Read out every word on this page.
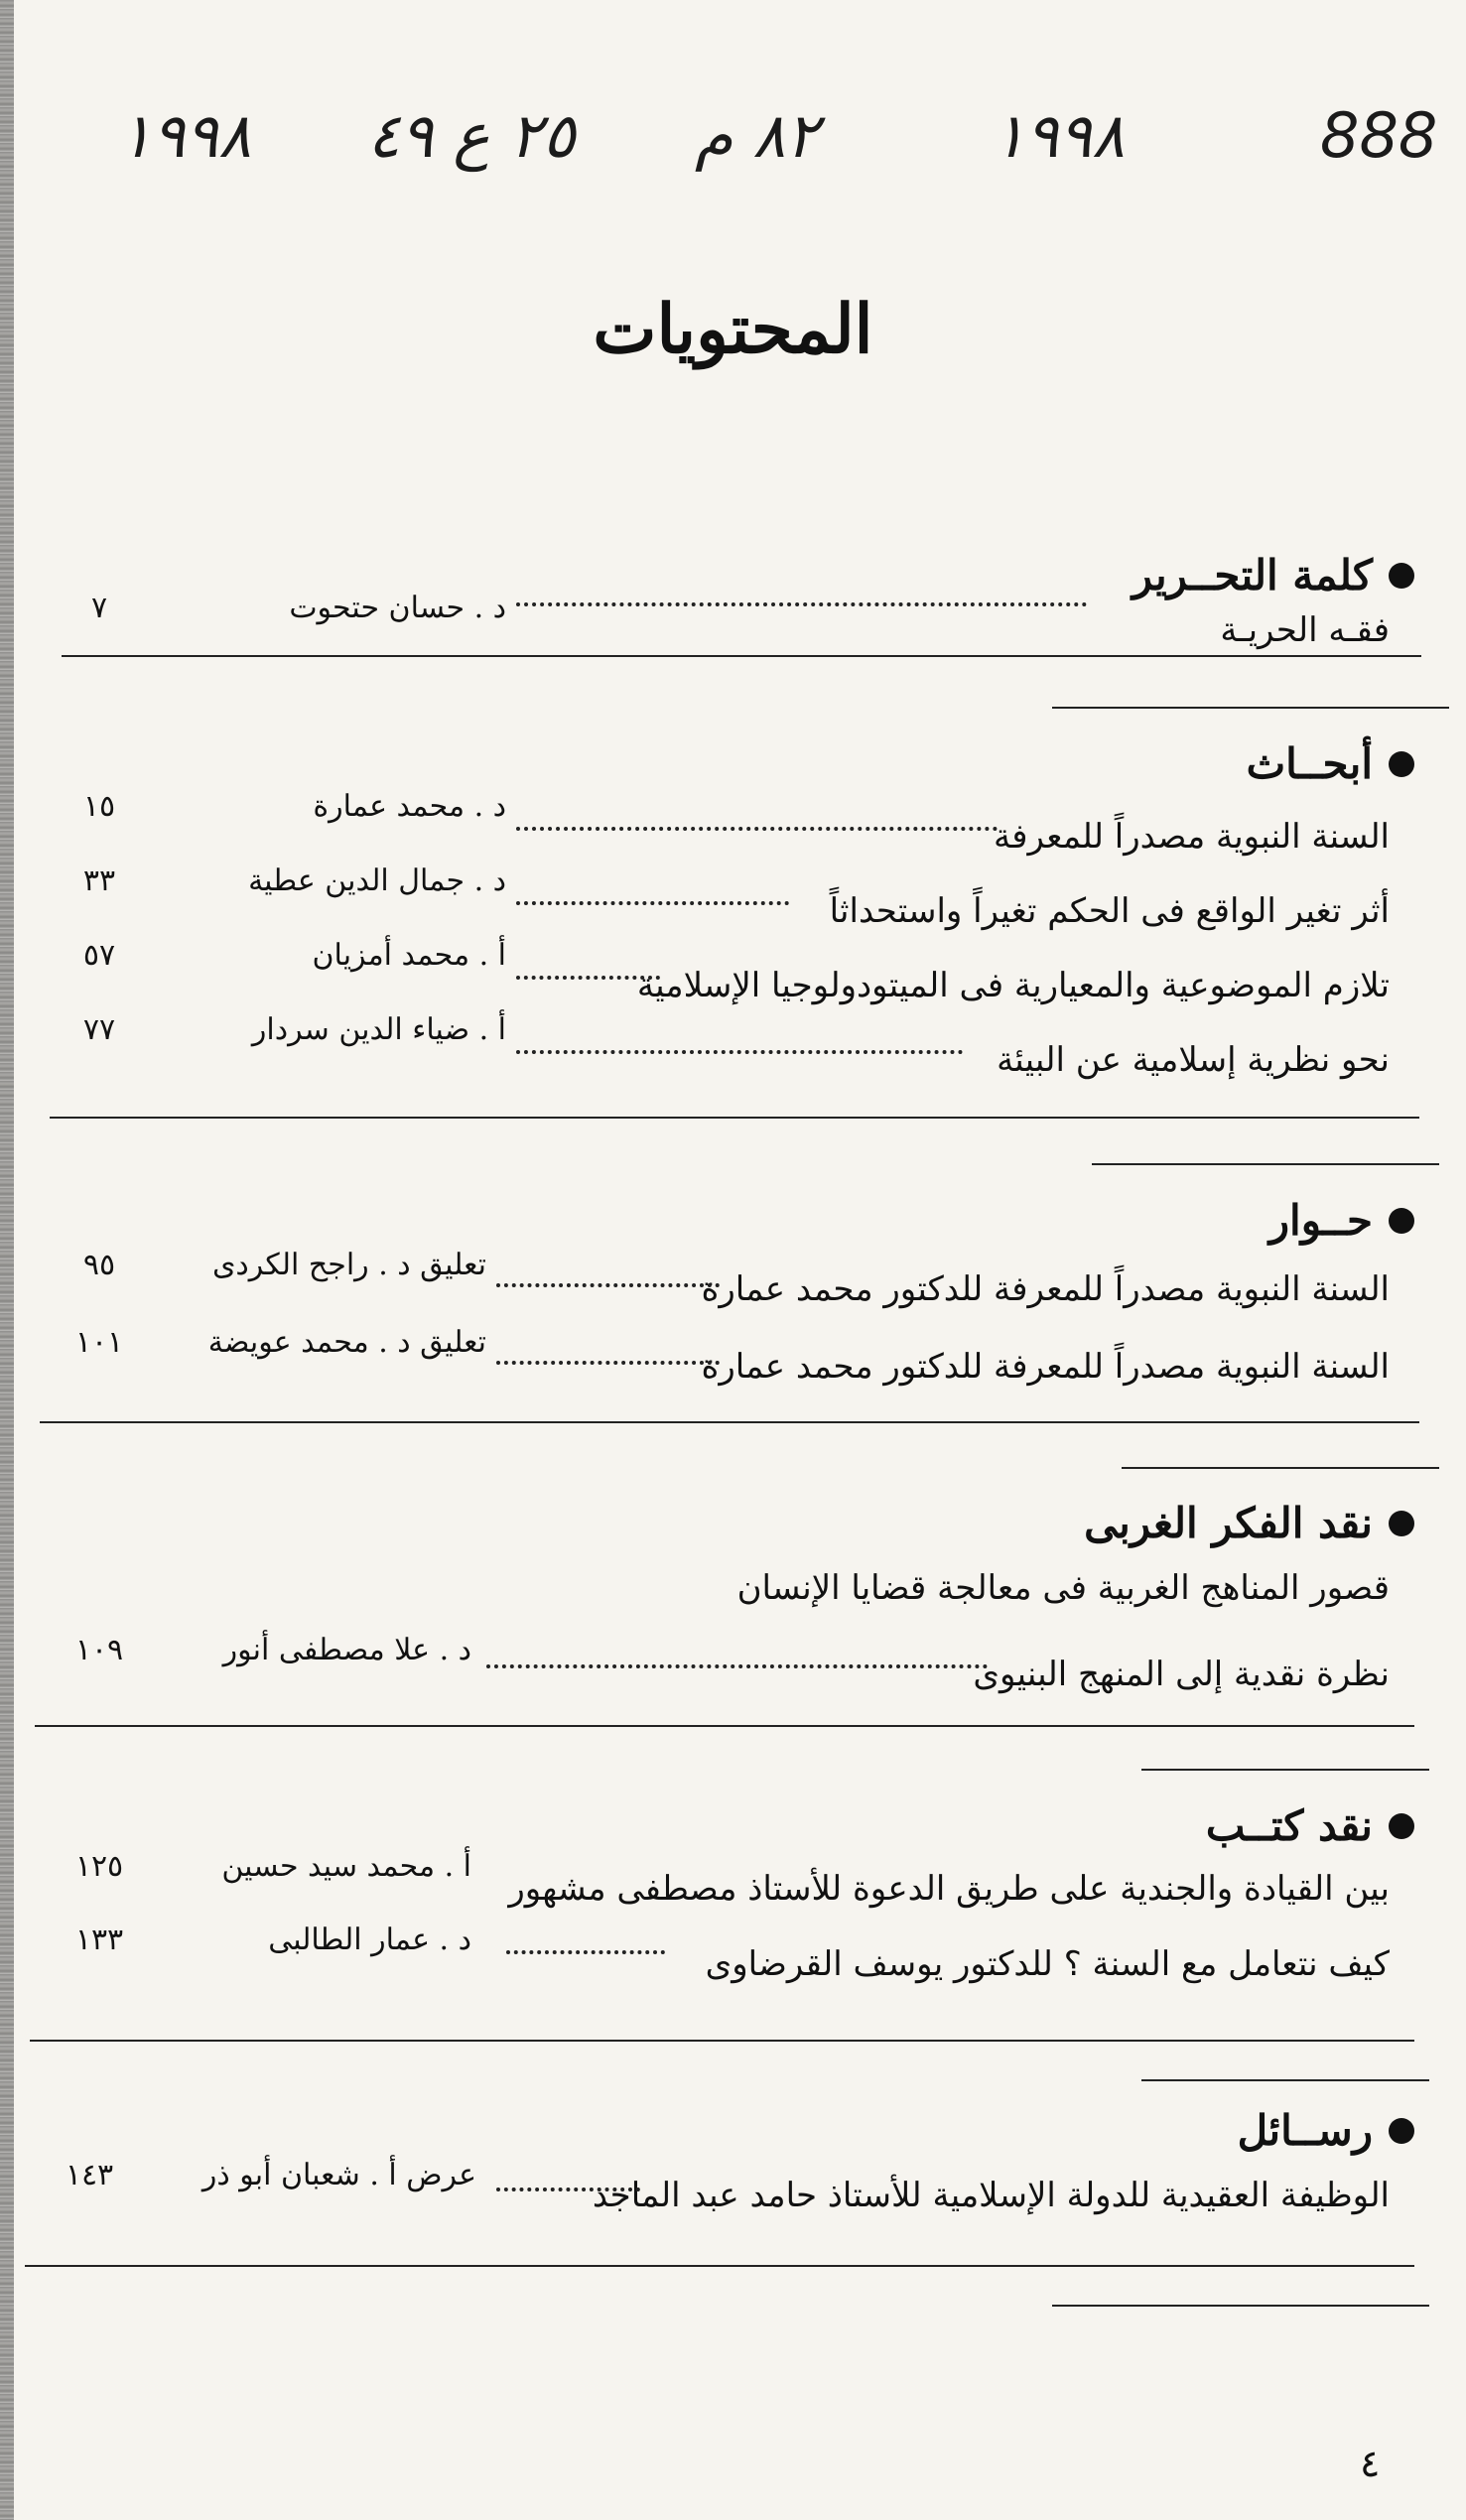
١٩٩٨ ٢٥ ع ٤٩ ٨٢ م	١٩٩٨	888
المحتويات
كلمة التحــرير
فقـه الحريـة
د . حسان حتحوت
٧
أبحــاث
السنة النبوية مصدراً للمعرفة
د . محمد عمارة
١٥
أثر تغير الواقع فى الحكم تغيراً واستحداثاً
د . جمال الدين عطية
٣٣
تلازم الموضوعية والمعيارية فى الميتودولوجيا الإسلامية
أ . محمد أمزيان
٥٧
نحو نظرية إسلامية عن البيئة
أ . ضياء الدين سردار
٧٧
حــوار
السنة النبوية مصدراً للمعرفة للدكتور محمد عمارة
تعليق د . راجح الكردى
٩٥
السنة النبوية مصدراً للمعرفة للدكتور محمد عمارة
تعليق د . محمد عويضة
١٠١
نقد الفكر الغربى
قصور المناهج الغربية فى معالجة قضايا الإنسان
نظرة نقدية إلى المنهج البنيوى
د . علا مصطفى أنور
١٠٩
نقد كتــب
بين القيادة والجندية على طريق الدعوة للأستاذ مصطفى مشهور
أ . محمد سيد حسين
١٢٥
كيف نتعامل مع السنة ؟ للدكتور يوسف القرضاوى
د . عمار الطالبى
١٣٣
رســائل
الوظيفة العقيدية للدولة الإسلامية للأستاذ حامد عبد الماجد
عرض أ . شعبان أبو ذر
١٤٣
٤
